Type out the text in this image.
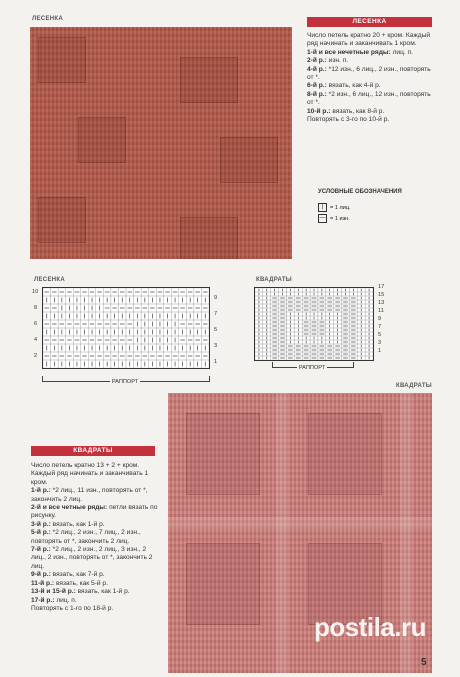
ЛЕСЕНКА	ЛЕСЕНКА

Число петель кратно 20 + кром. Каждый ряд начинать и заканчивать 1 кром.

1-й и все нечетные ряды: лиц. п.

2-й р.: изн. п.

4-й р.: *12 изн., 6 лиц., 2 изн., повторять от *.

6-й р.: вязать, как 4-й р.

8-й р.: *2 изн., 6 лиц., 12 изн., повторять от *.

10-й р.: вязать, как 8-й р.

Повторять с 3-го по 10-й р.

УСЛОВНЫЕ ОБОЗНАЧЕНИЯ
|	= 1 лиц.
— = 1 изн.
ЛЕСЕНКА
10
8
6
4
2
9
7
5
3
1
РАППОРТ
КВАДРАТЫ
17
15
13
11
9
7
5
3
1
РАППОРТ
КВАДРАТЫ
postila.ru
КВАДРАТЫ

Число петель кратно 13 + 2 + кром. Каждый ряд начинать и заканчивать 1 кром.

1-й р.: *2 лиц., 11 изн., повторять от *, закончить 2 лиц.

2-й и все четные ряды: петли вязать по рисунку.

3-й р.: вязать, как 1-й р.

5-й р.: *2 лиц., 2 изн., 7 лиц., 2 изн., повторять от *, закончить 2 лиц.

7-й р.: *2 лиц., 2 изн., 2 лиц., 3 изн., 2 лиц., 2 изн., повторять от *, закончить 2 лиц.

9-й р.: вязать, как 7-й р.

11-й р.: вязать, как 5-й р.

13-й и 15-й р.: вязать, как 1-й р.

17-й р.: лиц. п.

Повторять с 1-го по 18-й р.

5
